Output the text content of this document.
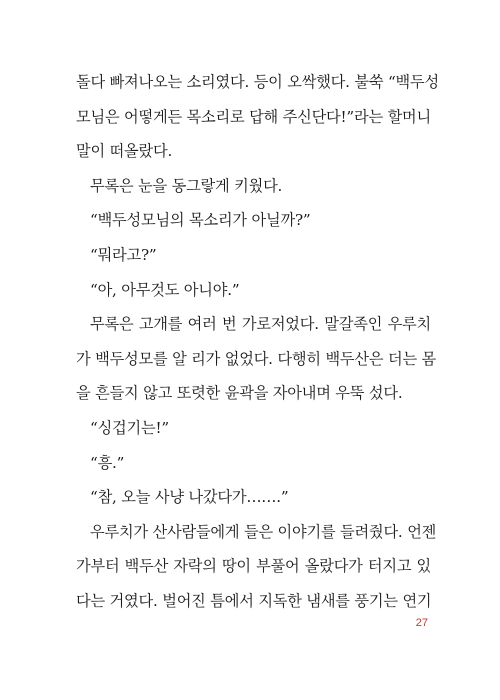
돌다 빠져나오는 소리였다. 등이 오싹했다. 불쑥 “백두성
모님은 어떻게든 목소리로 답해 주신단다!”라는 할머니
말이 떠올랐다.
무록은 눈을 동그랗게 키웠다.
“백두성모님의 목소리가 아닐까?”
“뭐라고?”
“아, 아무것도 아니야.”
무록은 고개를 여러 번 가로저었다. 말갈족인 우루치
가 백두성모를 알 리가 없었다. 다행히 백두산은 더는 몸
을 흔들지 않고 또렷한 윤곽을 자아내며 우뚝 섰다.
“싱겁기는!”
“흥.”
“참, 오늘 사냥 나갔다가…….”
우루치가 산사람들에게 들은 이야기를 들려줬다. 언젠
가부터 백두산 자락의 땅이 부풀어 올랐다가 터지고 있
다는 거였다. 벌어진 틈에서 지독한 냄새를 풍기는 연기
27
